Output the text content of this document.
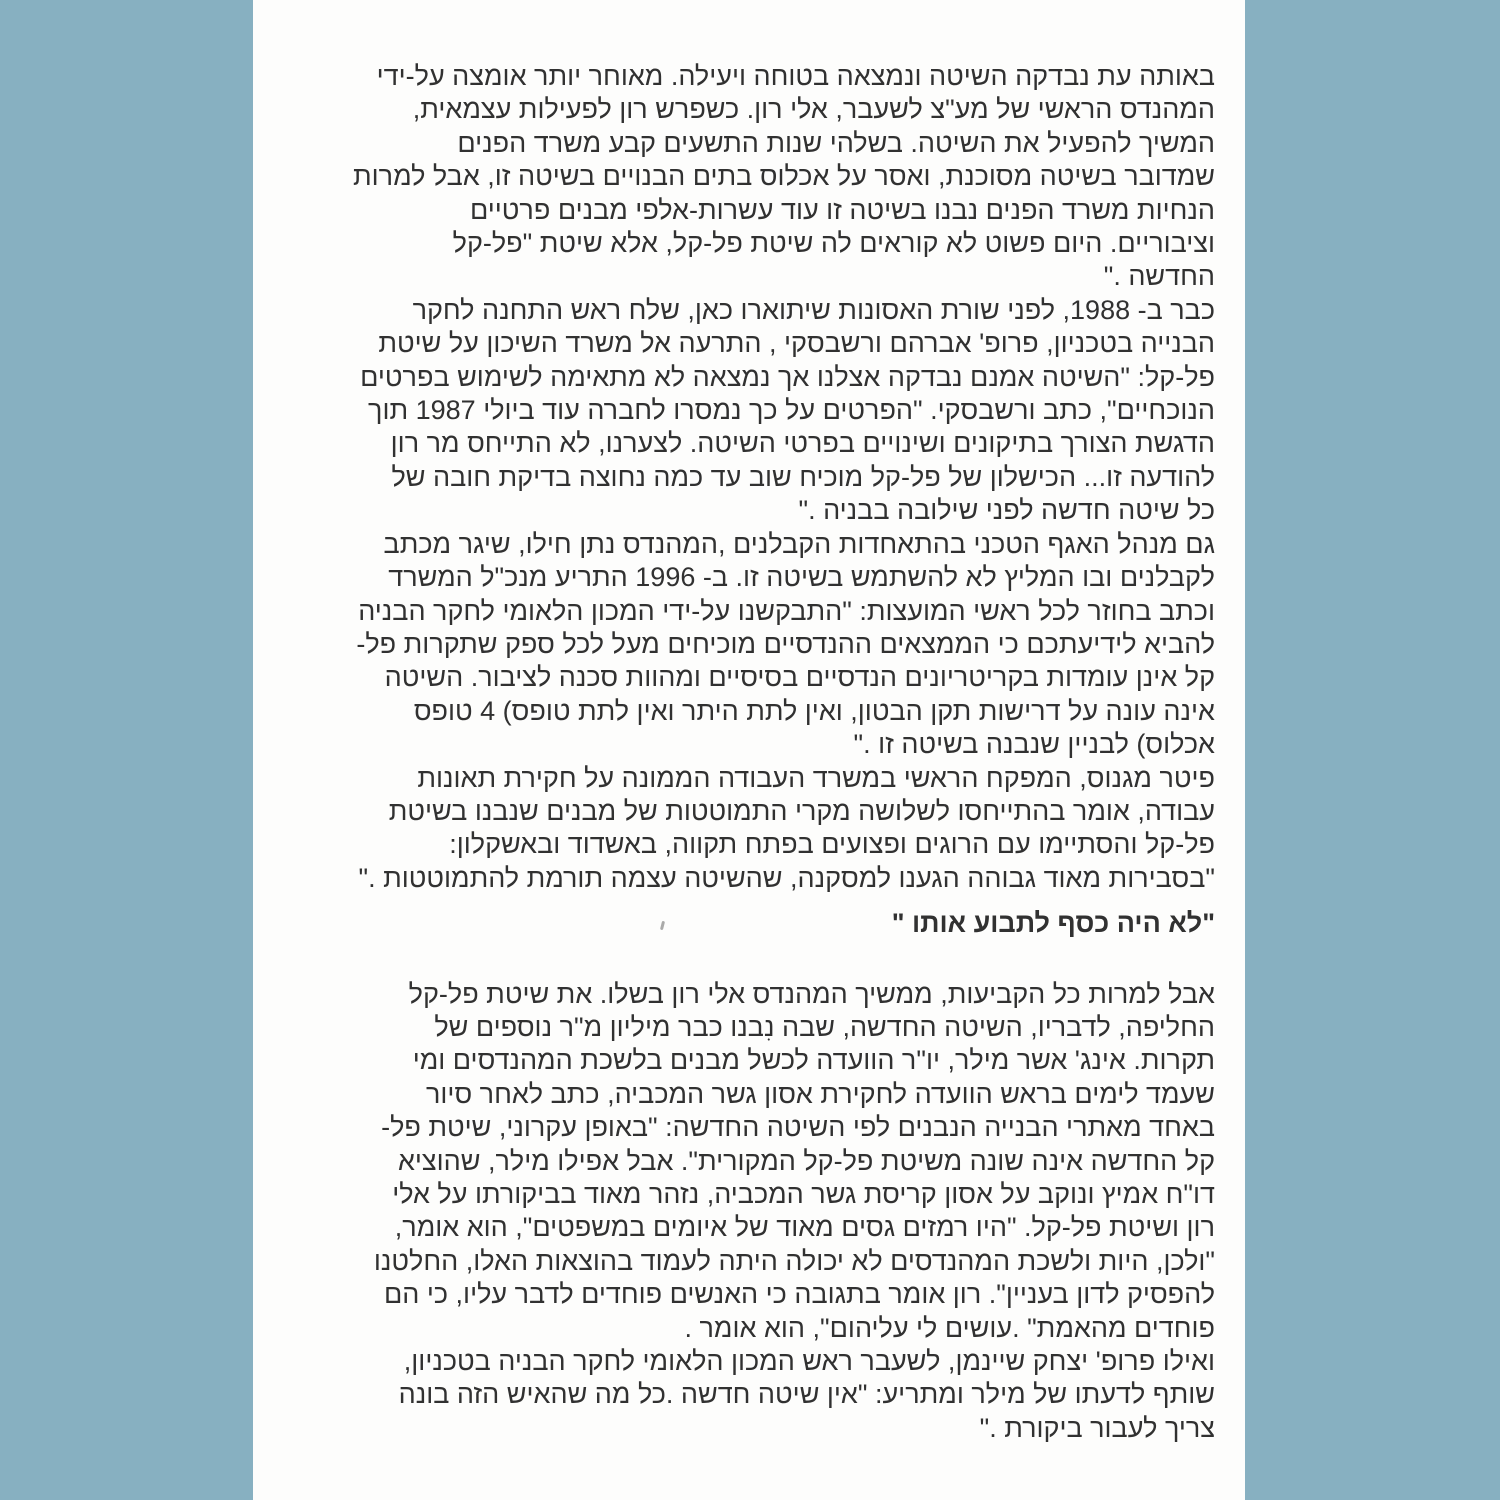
באותה עת נבדקה השיטה ונמצאה בטוחה ויעילה. מאוחר יותר אומצה על-ידי
המהנדס הראשי של מע"צ לשעבר, אלי רון. כשפרש רון לפעילות עצמאית,
המשיך להפעיל את השיטה. בשלהי שנות התשעים קבע משרד הפנים
שמדובר בשיטה מסוכנת, ואסר על אכלוס בתים הבנויים בשיטה זו, אבל למרות
הנחיות משרד הפנים נבנו בשיטה זו עוד עשרות-אלפי מבנים פרטיים
וציבוריים. היום פשוט לא קוראים לה שיטת פל-קל, אלא שיטת "פל-קל
החדשה ."
כבר ב- 1988, לפני שורת האסונות שיתוארו כאן, שלח ראש התחנה לחקר
הבנייה בטכניון, פרופ' אברהם ורשבסקי , התרעה אל משרד השיכון על שיטת
פל-קל: "השיטה אמנם נבדקה אצלנו אך נמצאה לא מתאימה לשימוש בפרטים
הנוכחיים", כתב ורשבסקי. "הפרטים על כך נמסרו לחברה עוד ביולי 1987 תוך
הדגשת הצורך בתיקונים ושינויים בפרטי השיטה. לצערנו, לא התייחס מר רון
להודעה זו... הכישלון של פל-קל מוכיח שוב עד כמה נחוצה בדיקת חובה של
כל שיטה חדשה לפני שילובה בבניה ."
גם מנהל האגף הטכני בהתאחדות הקבלנים ,המהנדס נתן חילו, שיגר מכתב
לקבלנים ובו המליץ לא להשתמש בשיטה זו. ב- 1996 התריע מנכ"ל המשרד
וכתב בחוזר לכל ראשי המועצות: "התבקשנו על-ידי המכון הלאומי לחקר הבניה
להביא לידיעתכם כי הממצאים ההנדסיים מוכיחים מעל לכל ספק שתקרות פל-
קל אינן עומדות בקריטריונים הנדסיים בסיסיים ומהוות סכנה לציבור. השיטה
אינה עונה על דרישות תקן הבטון, ואין לתת היתר ואין לתת טופס) 4 טופס
אכלוס) לבניין שנבנה בשיטה זו ."
פיטר מגנוס, המפקח הראשי במשרד העבודה הממונה על חקירת תאונות
עבודה, אומר בהתייחסו לשלושה מקרי התמוטטות של מבנים שנבנו בשיטת
פל-קל והסתיימו עם הרוגים ופצועים בפתח תקווה, באשדוד ובאשקלון:
"בסבירות מאוד גבוהה הגענו למסקנה, שהשיטה עצמה תורמת להתמוטטות ."
"לא היה כסף לתבוע אותו "
אבל למרות כל הקביעות, ממשיך המהנדס אלי רון בשלו. את שיטת פל-קל
החליפה, לדבריו, השיטה החדשה, שבה נִבנו כבר מיליון מ"ר נוספים של
תקרות. אינג' אשר מילר, יו"ר הוועדה לכשל מבנים בלשכת המהנדסים ומי
שעמד לימים בראש הוועדה לחקירת אסון גשר המכביה, כתב לאחר סיור
באחד מאתרי הבנייה הנבנים לפי השיטה החדשה: "באופן עקרוני, שיטת פל-
קל החדשה אינה שונה משיטת פל-קל המקורית". אבל אפילו מילר, שהוציא
דו"ח אמיץ ונוקב על אסון קריסת גשר המכביה, נזהר מאוד בביקורתו על אלי
רון ושיטת פל-קל. "היו רמזים גסים מאוד של איומים במשפטים", הוא אומר,
"ולכן, היות ולשכת המהנדסים לא יכולה היתה לעמוד בהוצאות האלו, החלטנו
להפסיק לדון בעניין". רון אומר בתגובה כי האנשים פוחדים לדבר עליו, כי הם
פוחדים מהאמת" .עושים לי עליהום", הוא אומר .
ואילו פרופ' יצחק שיינמן, לשעבר ראש המכון הלאומי לחקר הבניה בטכניון,
שותף לדעתו של מילר ומתריע: "אין שיטה חדשה .כל מה שהאיש הזה בונה
צריך לעבור ביקורת ."
